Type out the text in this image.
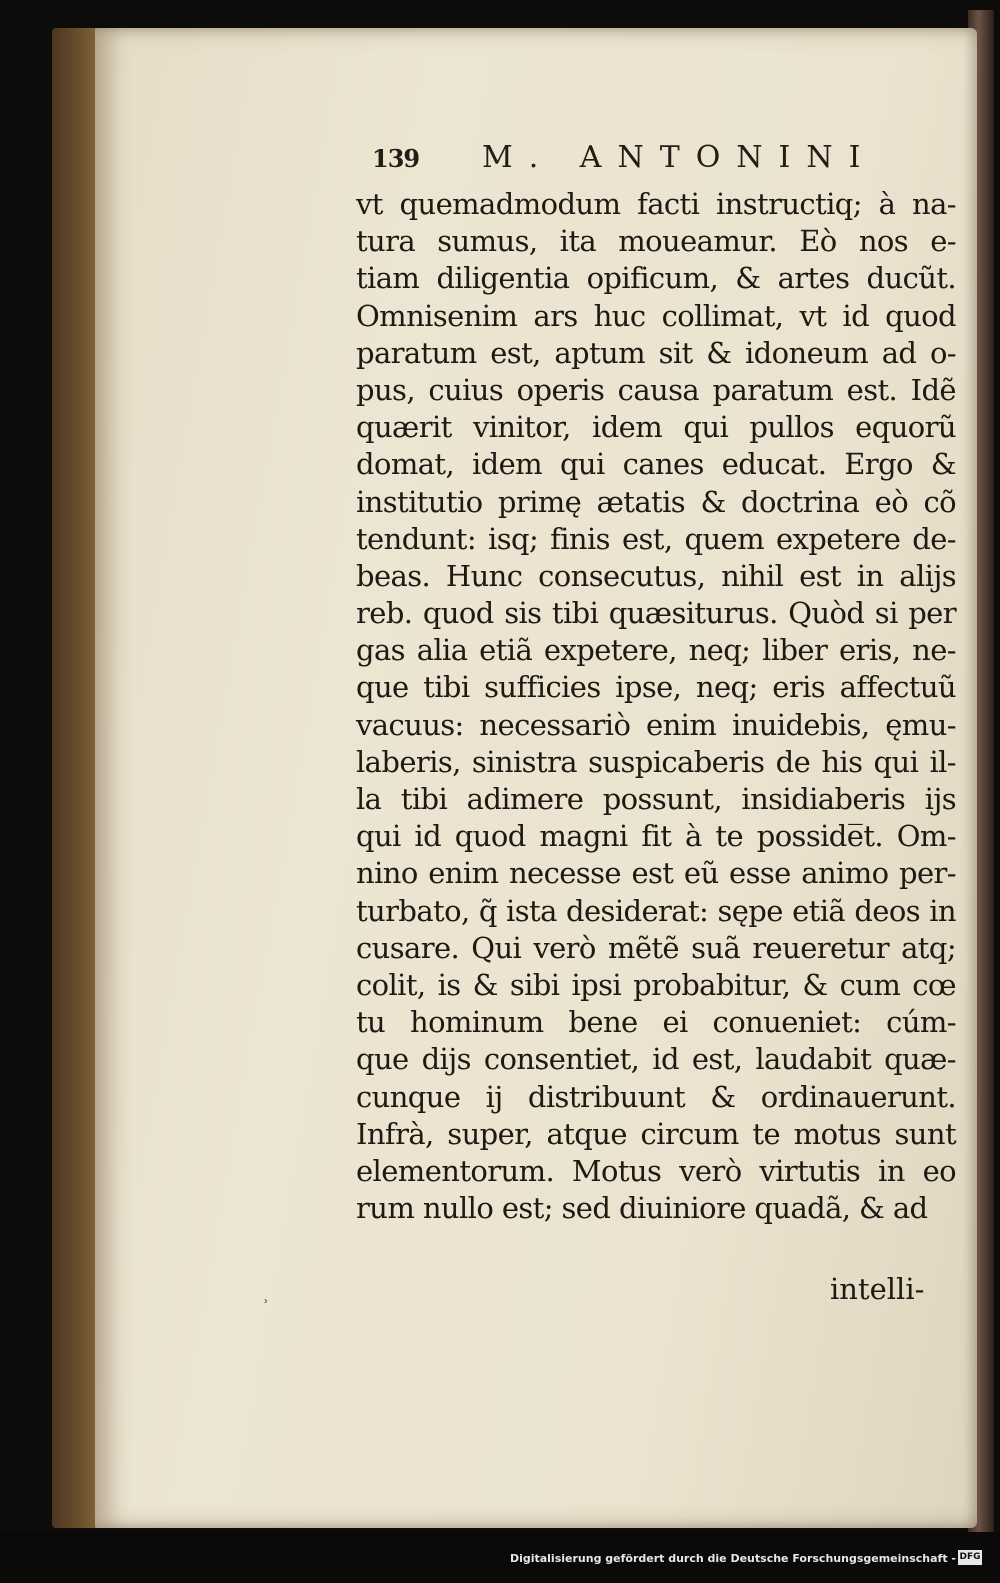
139 M. ANTONINI
vt quemadmodum facti instructiq; à na-
tura sumus, ita moueamur. Eò nos e-
tiam diligentia opificum, & artes ducũt.
Omnisenim ars huc collimat, vt id quod
paratum est, aptum sit & idoneum ad o-
pus, cuius operis causa paratum est. Idẽ
quærit vinitor, idem qui pullos equorũ
domat, idem qui canes educat. Ergo &
institutio primę ætatis & doctrina eò cõ
tendunt: isq; finis est, quem expetere de-
beas. Hunc consecutus, nihil est in alijs
reb. quod sis tibi quæsiturus. Quòd si per
gas alia etiã expetere, neq; liber eris, ne-
que tibi sufficies ipse, neq; eris affectuũ
vacuus: necessariò enim inuidebis, ęmu-
laberis, sinistra suspicaberis de his qui il-
la tibi adimere possunt, insidiaberis ijs
qui id quod magni fit à te posside̅t. Om-
nino enim necesse est eũ esse animo per-
turbato, q̃ ista desiderat: sępe etiã deos in
cusare. Qui verò mẽtẽ suã reueretur atq;
colit, is & sibi ipsi probabitur, & cum cœ
tu hominum bene ei conueniet: cúm-
que dijs consentiet, id est, laudabit quæ-
cunque ij distribuunt & ordinauerunt.
Infrà, super, atque circum te motus sunt
elementorum. Motus verò virtutis in eo
rum nullo est; sed diuiniore quadã, & ad
intelli-
ʾ
Digitalisierung gefördert durch die Deutsche Forschungsgemeinschaft - DFG
